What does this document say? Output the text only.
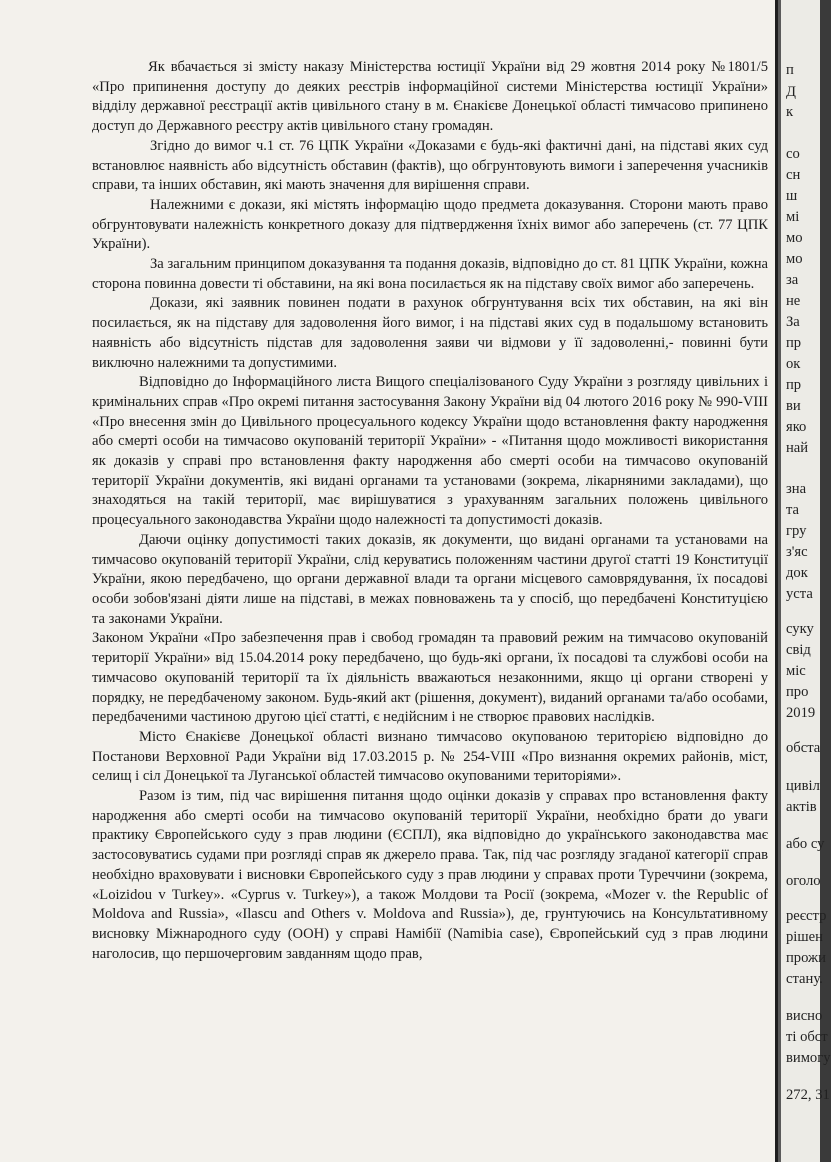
Як вбачається зі змісту наказу Міністерства юстиції України від 29 жовтня 2014 року №1801/5 «Про припинення доступу до деяких реєстрів інформаційної системи Міністерства юстиції України» відділу державної реєстрації актів цивільного стану в м. Єнакієве Донецької області тимчасово припинено доступ до Державного реєстру актів цивільного стану громадян.

Згідно до вимог ч.1 ст. 76 ЦПК України «Доказами є будь-які фактичні дані, на підставі яких суд встановлює наявність або відсутність обставин (фактів), що обгрунтовують вимоги і заперечення учасників справи, та інших обставин, які мають значення для вирішення справи.

Належними є докази, які містять інформацію щодо предмета доказування. Сторони мають право обгрунтовувати належність конкретного доказу для підтвердження їхніх вимог або заперечень (ст. 77 ЦПК України).

За загальним принципом доказування та подання доказів, відповідно до ст. 81 ЦПК України, кожна сторона повинна довести ті обставини, на які вона посилається як на підставу своїх вимог або заперечень.

Докази, які заявник повинен подати в рахунок обгрунтування всіх тих обставин, на які він посилається, як на підставу для задоволення його вимог, і на підставі яких суд в подальшому встановить наявність або відсутність підстав для задоволення заяви чи відмови у її задоволенні,- повинні бути виключно належними та допустимими.

Відповідно до Інформаційного листа Вищого спеціалізованого Суду України з розгляду цивільних і кримінальних справ «Про окремі питання застосування Закону України від 04 лютого 2016 року № 990-VIII «Про внесення змін до Цивільного процесуального кодексу України щодо встановлення факту народження або смерті особи на тимчасово окупованій території України» - «Питання щодо можливості використання як доказів у справі про встановлення факту народження або смерті особи на тимчасово окупованій території України документів, які видані органами та установами (зокрема, лікарняними закладами), що знаходяться на такій території, має вирішуватися з урахуванням загальних положень цивільного процесуального законодавства України щодо належності та допустимості доказів.

Даючи оцінку допустимості таких доказів, як документи, що видані органами та установами на тимчасово окупованій території України, слід керуватись положенням частини другої статті 19 Конституції України, якою передбачено, що органи державної влади та органи місцевого самоврядування, їх посадові особи зобов'язані діяти лише на підставі, в межах повноважень та у спосіб, що передбачені Конституцією та законами України.

Законом України «Про забезпечення прав і свобод громадян та правовий режим на тимчасово окупованій території України» від 15.04.2014 року передбачено, що будь-які органи, їх посадові та службові особи на тимчасово окупованій території та їх діяльність вважаються незаконними, якщо ці органи створені у порядку, не передбаченому законом. Будь-який акт (рішення, документ), виданий органами та/або особами, передбаченими частиною другою цієї статті, є недійсним і не створює правових наслідків.

Місто Єнакієве Донецької області визнано тимчасово окупованою територією відповідно до Постанови Верховної Ради України від 17.03.2015 р. № 254-VIII «Про визнання окремих районів, міст, селищ і сіл Донецької та Луганської областей тимчасово окупованими територіями».

Разом із тим, під час вирішення питання щодо оцінки доказів у справах про встановлення факту народження або смерті особи на тимчасово окупованій території України, необхідно брати до уваги практику Європейського суду з прав людини (ЄСПЛ), яка відповідно до українського законодавства має застосовуватись судами при розгляді справ як джерело права. Так, під час розгляду згаданої категорії справ необхідно враховувати і висновки Європейського суду з прав людини у справах проти Туреччини (зокрема, «Loizidou v Turkey». «Cyprus v. Turkey»), а також Молдови та Росії (зокрема, «Mozer v. the Republic of Moldova and Russia», «Ilascu and Others v. Moldova and Russia»), де, грунтуючись на Консультативному висновку Міжнародного суду (ООН) у справі Намібії (Namibia case), Європейський суд з прав людини наголосив, що першочерговим завданням щодо прав,

п
Д
к
со
сн
ш
мі
мо
мо
за
не
За
пр
ок
пр
ви
яко
най
зна
та
гру
з'яс
док
уста
суку
свід
міс
про
2019
обста
цивіл
актів
або су
оголо
реєстр
рішен
прожи
стану.
висно
ті обст
вимогу
272, 31
